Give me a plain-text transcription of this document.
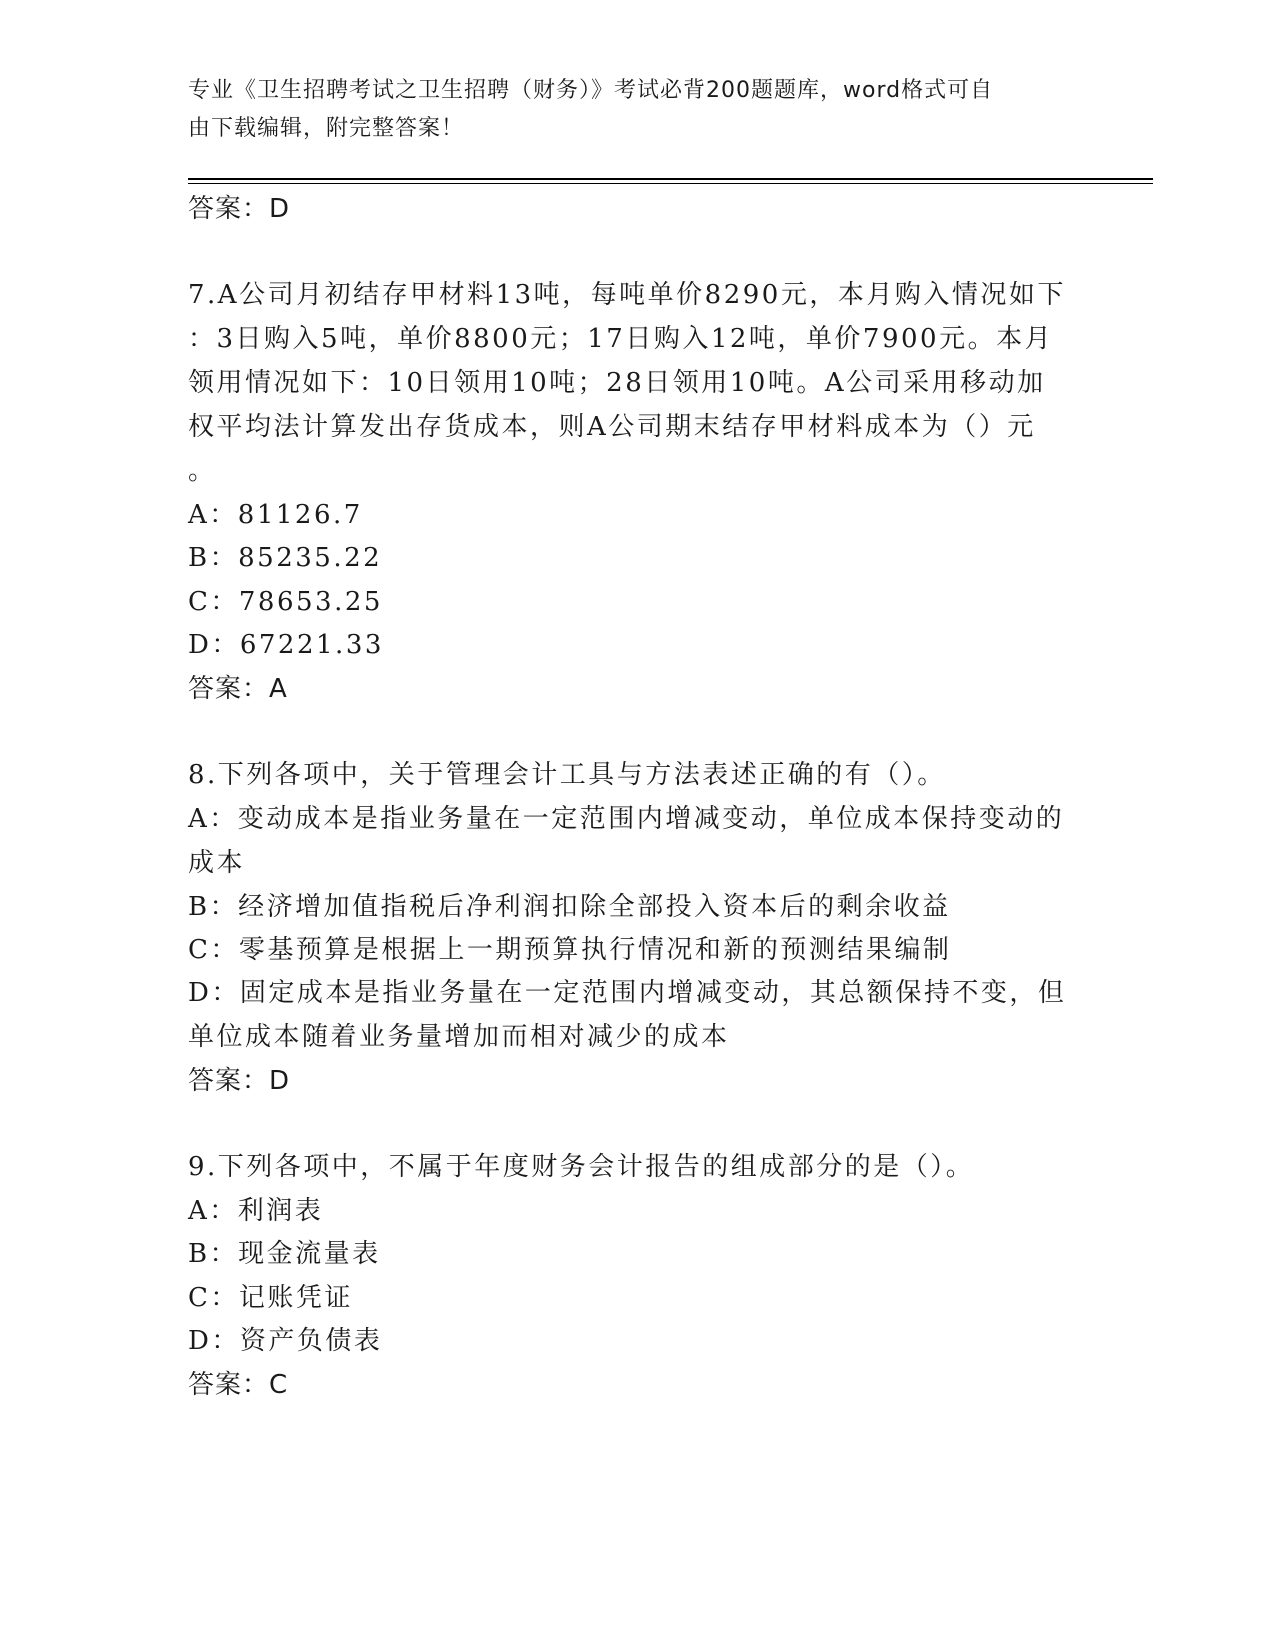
专业《卫生招聘考试之卫生招聘（财务）》考试必背200题题库，word格式可自
由下载编辑，附完整答案！
答案：D
7.A公司月初结存甲材料13吨，每吨单价8290元，本月购入情况如下
：3日购入5吨，单价8800元；17日购入12吨，单价7900元。本月
领用情况如下：10日领用10吨；28日领用10吨。A公司采用移动加
权平均法计算发出存货成本，则A公司期末结存甲材料成本为（）元
。
A：81126.7
B：85235.22
C：78653.25
D：67221.33
答案：A
8.下列各项中，关于管理会计工具与方法表述正确的有（）。
A：变动成本是指业务量在一定范围内增减变动，单位成本保持变动的
成本
B：经济增加值指税后净利润扣除全部投入资本后的剩余收益
C：零基预算是根据上一期预算执行情况和新的预测结果编制
D：固定成本是指业务量在一定范围内增减变动，其总额保持不变，但
单位成本随着业务量增加而相对减少的成本
答案：D
9.下列各项中，不属于年度财务会计报告的组成部分的是（）。
A：利润表
B：现金流量表
C：记账凭证
D：资产负债表
答案：C
